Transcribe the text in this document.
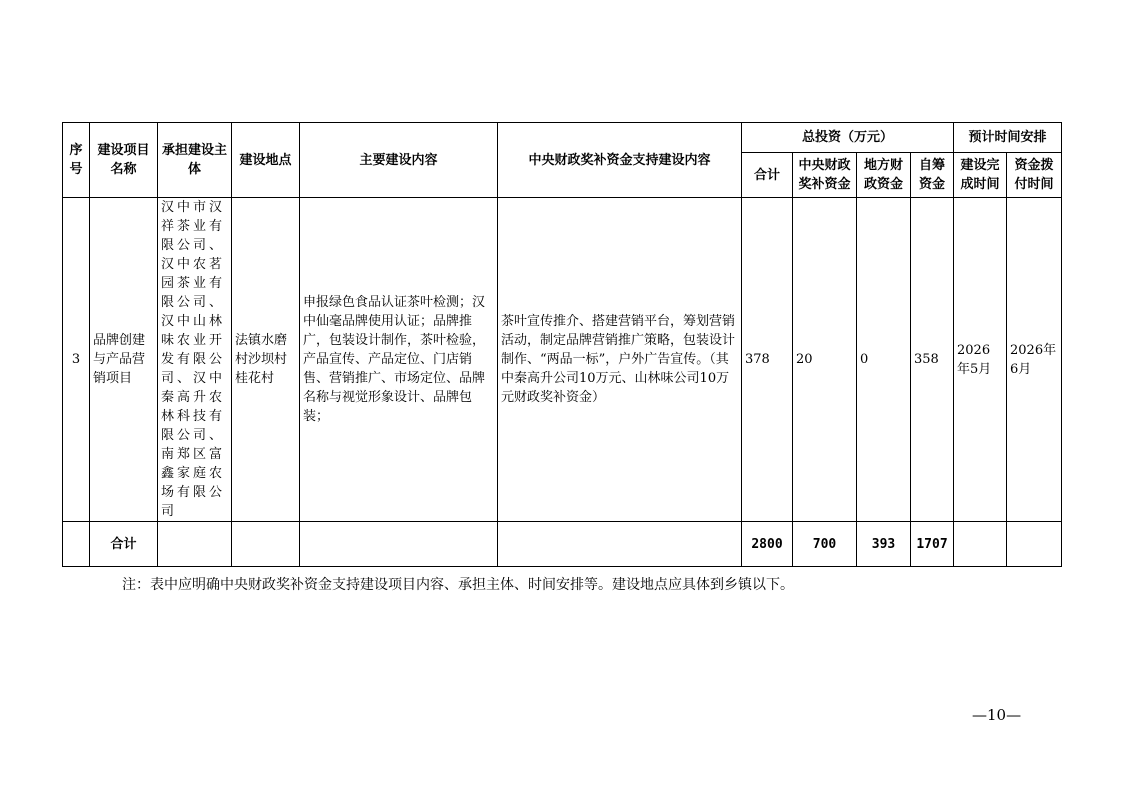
序号	建设项目名称	承担建设主体	建设地点	主要建设内容	中央财政奖补资金支持建设内容	总投资（万元）				预计时间安排	
						合计	中央财政奖补资金	地方财政资金	自筹资金	建设完成时间	资金拨付时间
3	品牌创建与产品营销项目	汉中市汉祥茶业有限公司、汉中农茗园茶业有限公司、汉中山林味农业开发有限公司、汉中秦高升农林科技有限公司、南郑区富鑫家庭农场有限公司	法镇水磨村沙坝村桂花村	申报绿色食品认证茶叶检测；汉中仙毫品牌使用认证；品牌推广，包装设计制作，茶叶检验，产品宣传、产品定位、门店销售、营销推广、市场定位、品牌名称与视觉形象设计、品牌包装；	茶叶宣传推介、搭建营销平台，筹划营销活动，制定品牌营销推广策略，包装设计制作、“两品一标”，户外广告宣传。（其中秦高升公司10万元、山林味公司10万元财政奖补资金）	378	20	0	358	2026年5月	2026年6月
	合计					2800	700	393	1707		
注：表中应明确中央财政奖补资金支持建设项目内容、承担主体、时间安排等。建设地点应具体到乡镇以下。
—10—
